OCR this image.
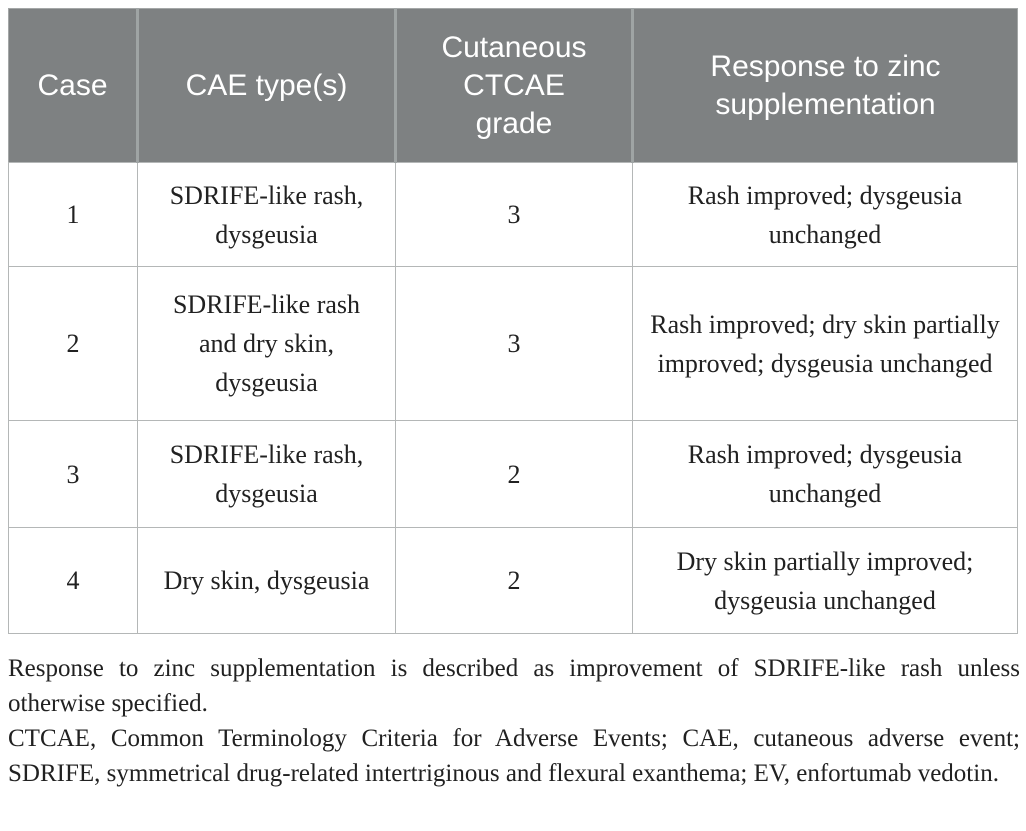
Case	CAE type(s)	Cutaneous CTCAE grade	Response to zinc supplementation
1	SDRIFE-like rash, dysgeusia	3	Rash improved; dysgeusia unchanged
2	SDRIFE-like rash and dry skin, dysgeusia	3	Rash improved; dry skin partially improved; dysgeusia unchanged
3	SDRIFE-like rash, dysgeusia	2	Rash improved; dysgeusia unchanged
4	Dry skin, dysgeusia	2	Dry skin partially improved; dysgeusia unchanged

Response to zinc supplementation is described as improvement of SDRIFE-like rash unless otherwise specified.

CTCAE, Common Terminology Criteria for Adverse Events; CAE, cutaneous adverse event; SDRIFE, symmetrical drug-related intertriginous and flexural exanthema; EV, enfortumab vedotin.
